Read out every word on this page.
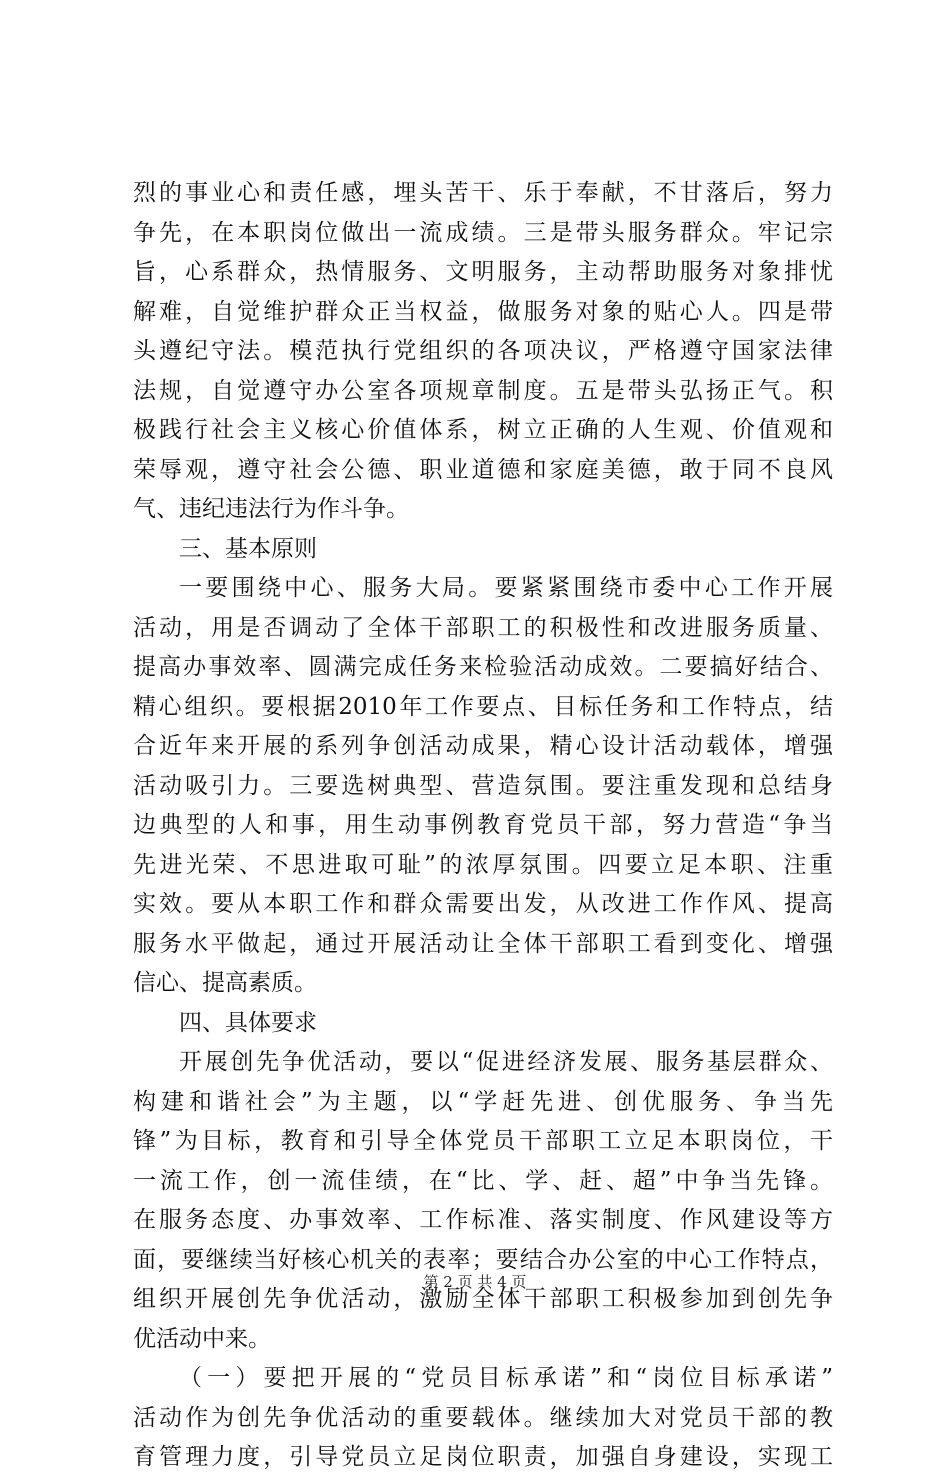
烈的事业心和责任感，埋头苦干、乐于奉献，不甘落后，努力
争先，在本职岗位做出一流成绩。三是带头服务群众。牢记宗
旨，心系群众，热情服务、文明服务，主动帮助服务对象排忧
解难，自觉维护群众正当权益，做服务对象的贴心人。四是带
头遵纪守法。模范执行党组织的各项决议，严格遵守国家法律
法规，自觉遵守办公室各项规章制度。五是带头弘扬正气。积
极践行社会主义核心价值体系，树立正确的人生观、价值观和
荣辱观，遵守社会公德、职业道德和家庭美德，敢于同不良风
气、违纪违法行为作斗争。
三、基本原则
一要围绕中心、服务大局。要紧紧围绕市委中心工作开展
活动，用是否调动了全体干部职工的积极性和改进服务质量、
提高办事效率、圆满完成任务来检验活动成效。二要搞好结合、
精心组织。要根据2010年工作要点、目标任务和工作特点，结
合近年来开展的系列争创活动成果，精心设计活动载体，增强
活动吸引力。三要选树典型、营造氛围。要注重发现和总结身
边典型的人和事，用生动事例教育党员干部，努力营造“争当
先进光荣、不思进取可耻”的浓厚氛围。四要立足本职、注重
实效。要从本职工作和群众需要出发，从改进工作作风、提高
服务水平做起，通过开展活动让全体干部职工看到变化、增强
信心、提高素质。
四、具体要求
开展创先争优活动，要以“促进经济发展、服务基层群众、
构建和谐社会”为主题，以“学赶先进、创优服务、争当先
锋”为目标，教育和引导全体党员干部职工立足本职岗位，干
一流工作，创一流佳绩，在“比、学、赶、超”中争当先锋。
在服务态度、办事效率、工作标准、落实制度、作风建设等方
面，要继续当好核心机关的表率；要结合办公室的中心工作特点，
组织开展创先争优活动，激励全体干部职工积极参加到创先争
优活动中来。
（一）要把开展的“党员目标承诺”和“岗位目标承诺”
活动作为创先争优活动的重要载体。继续加大对党员干部的教
育管理力度，引导党员立足岗位职责，加强自身建设，实现工
第 2 页 共 4 页
